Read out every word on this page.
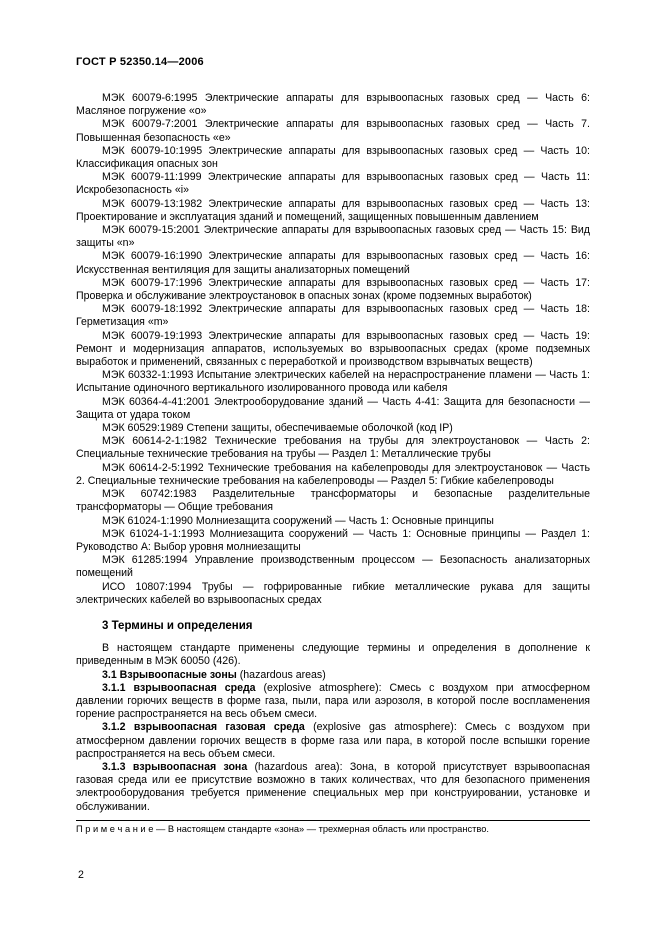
ГОСТ Р 52350.14—2006

МЭК 60079-6:1995 Электрические аппараты для взрывоопасных газовых сред — Часть 6: Масляное погружение «о»

МЭК 60079-7:2001 Электрические аппараты для взрывоопасных газовых сред — Часть 7. Повышенная безопасность «е»

МЭК 60079-10:1995 Электрические аппараты для взрывоопасных газовых сред — Часть 10: Классификация опасных зон

МЭК 60079-11:1999 Электрические аппараты для взрывоопасных газовых сред — Часть 11: Искробезопасность «i»

МЭК 60079-13:1982 Электрические аппараты для взрывоопасных газовых сред — Часть 13: Проектирование и эксплуатация зданий и помещений, защищенных повышенным давлением

МЭК 60079-15:2001 Электрические аппараты для взрывоопасных газовых сред — Часть 15: Вид защиты «n»

МЭК 60079-16:1990 Электрические аппараты для взрывоопасных газовых сред — Часть 16: Искусственная вентиляция для защиты анализаторных помещений

МЭК 60079-17:1996 Электрические аппараты для взрывоопасных газовых сред — Часть 17: Проверка и обслуживание электроустановок в опасных зонах (кроме подземных выработок)

МЭК 60079-18:1992 Электрические аппараты для взрывоопасных газовых сред — Часть 18: Герметизация «m»

МЭК 60079-19:1993 Электрические аппараты для взрывоопасных газовых сред — Часть 19: Ремонт и модернизация аппаратов, используемых во взрывоопасных средах (кроме подземных выработок и применений, связанных с переработкой и производством взрывчатых веществ)

МЭК 60332-1:1993 Испытание электрических кабелей на нераспространение пламени — Часть 1: Испытание одиночного вертикального изолированного провода или кабеля

МЭК 60364-4-41:2001 Электрооборудование зданий — Часть 4-41: Защита для безопасности — Защита от удара током

МЭК 60529:1989 Степени защиты, обеспечиваемые оболочкой (код IP)

МЭК 60614-2-1:1982 Технические требования на трубы для электроустановок — Часть 2: Специальные технические требования на трубы — Раздел 1: Металлические трубы

МЭК 60614-2-5:1992 Технические требования на кабелепроводы для электроустановок — Часть 2. Специальные технические требования на кабелепроводы — Раздел 5: Гибкие кабелепроводы

МЭК 60742:1983 Разделительные трансформаторы и безопасные разделительные трансформаторы — Общие требования

МЭК 61024-1:1990 Молниезащита сооружений — Часть 1: Основные принципы

МЭК 61024-1-1:1993 Молниезащита сооружений — Часть 1: Основные принципы — Раздел 1: Руководство А: Выбор уровня молниезащиты

МЭК 61285:1994 Управление производственным процессом — Безопасность анализаторных помещений

ИСО 10807:1994 Трубы — гофрированные гибкие металлические рукава для защиты электрических кабелей во взрывоопасных средах

3 Термины и определения

В настоящем стандарте применены следующие термины и определения в дополнение к приведенным в МЭК 60050 (426).

3.1 Взрывоопасные зоны (hazardous areas)

3.1.1 взрывоопасная среда (explosive atmosphere): Смесь с воздухом при атмосферном давлении горючих веществ в форме газа, пыли, пара или аэрозоля, в которой после воспламенения горение распространяется на весь объем смеси.

3.1.2 взрывоопасная газовая среда (explosive gas atmosphere): Смесь с воздухом при атмосферном давлении горючих веществ в форме газа или пара, в которой после вспышки горение распространяется на весь объем смеси.

3.1.3 взрывоопасная зона (hazardous area): Зона, в которой присутствует взрывоопасная газовая среда или ее присутствие возможно в таких количествах, что для безопасного применения электрооборудования требуется применение специальных мер при конструировании, установке и обслуживании.

П р и м е ч а н и е — В настоящем стандарте «зона» — трехмерная область или пространство.
2
